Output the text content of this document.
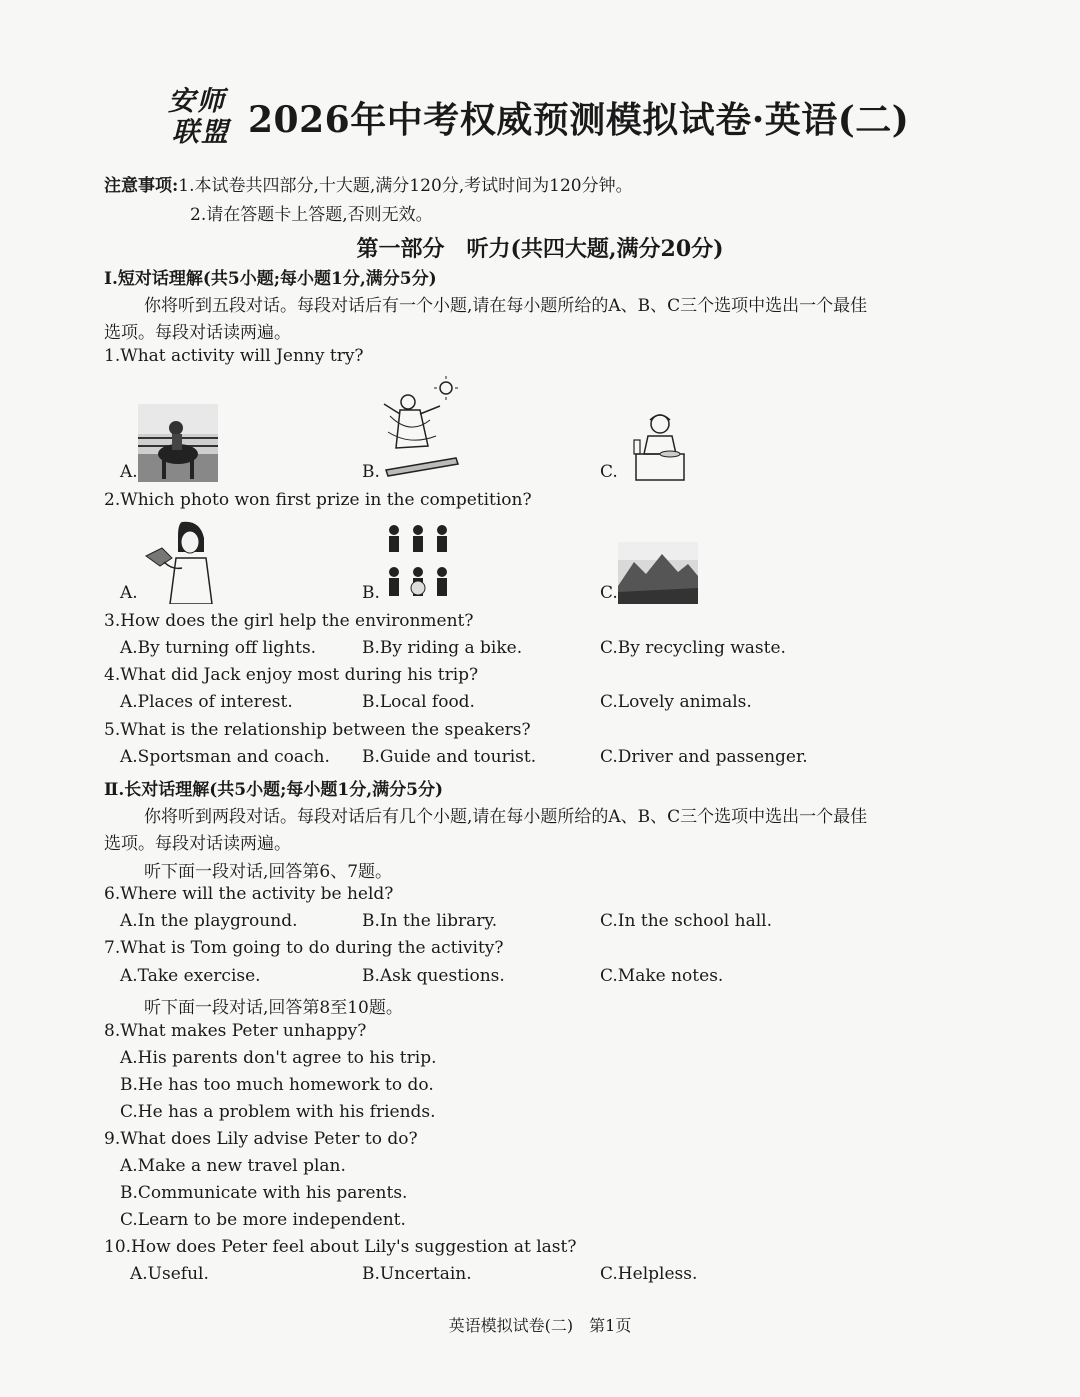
安师
联盟 2026年中考权威预测模拟试卷·英语(二)
注意事项:1.本试卷共四部分,十大题,满分120分,考试时间为120分钟。
2.请在答题卡上答题,否则无效。
第一部分　听力(共四大题,满分20分)
Ⅰ.短对话理解(共5小题;每小题1分,满分5分)
你将听到五段对话。每段对话后有一个小题,请在每小题所给的A、B、C三个选项中选出一个最佳
选项。每段对话读两遍。
1.What activity will Jenny try?
A.	B.	C.
2.Which photo won first prize in the competition?
A.	B.	C.
3.How does the girl help the environment?
A.By turning off lights.	B.By riding a bike.	C.By recycling waste.
4.What did Jack enjoy most during his trip?
A.Places of interest.	B.Local food.	C.Lovely animals.
5.What is the relationship between the speakers?
A.Sportsman and coach. B.Guide and tourist.	C.Driver and passenger.
Ⅱ.长对话理解(共5小题;每小题1分,满分5分)
你将听到两段对话。每段对话后有几个小题,请在每小题所给的A、B、C三个选项中选出一个最佳
选项。每段对话读两遍。
听下面一段对话,回答第6、7题。
6.Where will the activity be held?
A.In the playground.	B.In the library.	C.In the school hall.
7.What is Tom going to do during the activity?
A.Take exercise.	B.Ask questions.	C.Make notes.
听下面一段对话,回答第8至10题。
8.What makes Peter unhappy?
A.His parents don't agree to his trip.
B.He has too much homework to do.
C.He has a problem with his friends.
9.What does Lily advise Peter to do?
A.Make a new travel plan.
B.Communicate with his parents.
C.Learn to be more independent.
10.How does Peter feel about Lily's suggestion at last?
A.Useful.	B.Uncertain.	C.Helpless.
英语模拟试卷(二)　第1页
